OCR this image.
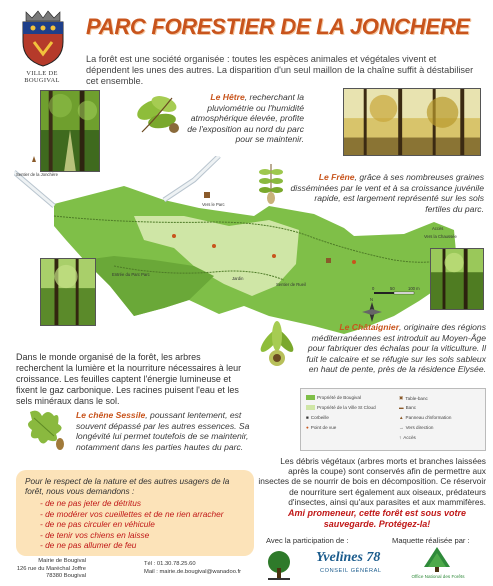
VILLE DE BOUGIVAL
PARC FORESTIER DE LA JONCHERE
La forêt est une société organisée : toutes les espèces animales et végétales vivent et dépendent les unes des autres. La disparition d'un seul maillon de la chaîne suffit à déstabiliser cet ensemble.
Le Hêtre, recherchant la pluviométrie ou l'humidité atmosphérique élevée, profite de l'exposition au nord du parc pour se maintenir.
Sentier de la Jonchère
Vers le Parc
Entrée du Parc Parc
Sentier de Rueil
Vers la Chaussée
Accès
Jardin
0	50	100 m
N
Le Frêne, grâce à ses nombreuses graines disséminées par le vent et à sa croissance juvénile rapide, est largement représenté sur les sols fertiles du parc.
Le Châtaignier, originaire des régions méditerranéennes est introduit au Moyen-Âge pour fabriquer des échalas pour la viticulture. Il fuit le calcaire et se réfugie sur les sols sableux en haut de pente, près de la résidence Elysée.
Dans le monde organisé de la forêt, les arbres recherchent la lumière et la nourriture nécessaires à leur croissance. Les feuilles captent l'énergie lumineuse et fixent le gaz carbonique. Les racines puisent l'eau et les sels minéraux dans le sol.
Le chêne Sessile, poussant lentement, est souvent dépassé par les autres essences. Sa longévité lui permet toutefois de se maintenir, notamment dans les parties hautes du parc.
Propriété de Bougival
Propriété de la Ville St Cloud
■ Corbeille
● Point de vue
▣ Table-banc
▬ Banc
▲ Panneau d'information
→ Vers direction
↑ Accès
Les débris végétaux (arbres morts et branches laissées après la coupe) sont conservés afin de permettre aux insectes de se nourrir de bois en décomposition. Ce réservoir de nourriture sert également aux oiseaux, prédateurs d'insectes, ainsi qu'aux parasites et aux mammifères.
Pour le respect de la nature et des autres usagers de la forêt, nous vous demandons :
- de ne pas jeter de détritus
- de modérer vos cueillettes et de ne rien arracher
- de ne pas circuler en véhicule
- de tenir vos chiens en laisse
- de ne pas allumer de feu
Ami promeneur, cette forêt est sous votre
sauvegarde. Protégez-la!
Mairie de Bougival
126 rue du Maréchal Joffre
78380 Bougival
Tél : 01.30.78.25.60
Mail : mairie.de.bougival@wanadoo.fr
Avec la participation de :	Maquette réalisée par :
Yvelines 78
CONSEIL GÉNÉRAL
Office National des Forêts
